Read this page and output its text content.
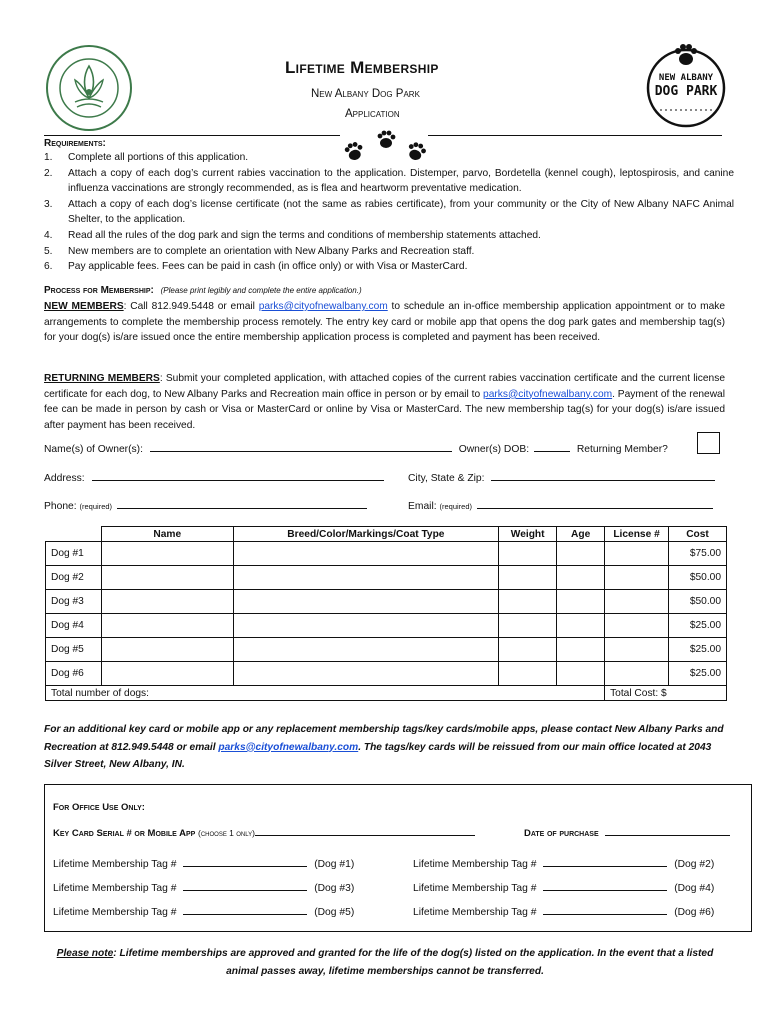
Lifetime Membership
New Albany Dog Park
Application
NEW ALBANY
DOG PARK
Requirements:
1.	Complete all portions of this application.
2.	Attach a copy of each dog’s current rabies vaccination to the application. Distemper, parvo, Bordetella (kennel cough), leptospirosis, and canine influenza vaccinations are strongly recommended, as is flea and heartworm preventative medication.
3.	Attach a copy of each dog’s license certificate (not the same as rabies certificate), from your community or the City of New Albany NAFC Animal Shelter, to the application.
4.	Read all the rules of the dog park and sign the terms and conditions of membership statements attached.
5.	New members are to complete an orientation with New Albany Parks and Recreation staff.
6.	Pay applicable fees. Fees can be paid in cash (in office only) or with Visa or MasterCard.
Process for Membership: (Please print legibly and complete the entire application.)
NEW MEMBERS: Call 812.949.5448 or email parks@cityofnewalbany.com to schedule an in-office membership application appointment or to make arrangements to complete the membership process remotely. The entry key card or mobile app that opens the dog park gates and membership tag(s) for your dog(s) is/are issued once the entire membership application process is completed and payment has been received.
RETURNING MEMBERS: Submit your completed application, with attached copies of the current rabies vaccination certificate and the current license certificate for each dog, to New Albany Parks and Recreation main office in person or by email to parks@cityofnewalbany.com. Payment of the renewal fee can be made in person by cash or Visa or MasterCard or online by Visa or MasterCard. The new membership tag(s) for your dog(s) is/are issued after payment has been received.
Name(s) of Owner(s):	Owner(s) DOB:	Returning Member?
Address:	City, State & Zip:
Phone: (required)	Email: (required)
	Name	Breed/Color/Markings/Coat Type	Weight	Age	License #	Cost
Dog #1						$75.00
Dog #2						$50.00
Dog #3						$50.00
Dog #4						$25.00
Dog #5						$25.00
Dog #6						$25.00
Total number of dogs:					Total Cost: $	
For an additional key card or mobile app or any replacement membership tags/key cards/mobile apps, please contact New Albany Parks and Recreation at 812.949.5448 or email parks@cityofnewalbany.com. The tags/key cards will be reissued from our main office located at 2043 Silver Street, New Albany, IN.
For Office Use Only:
Key Card Serial # or Mobile App (choose 1 only)	Date of purchase
Lifetime Membership Tag #	(Dog #1)	Lifetime Membership Tag #	(Dog #2)
Lifetime Membership Tag #	(Dog #3)	Lifetime Membership Tag #	(Dog #4)
Lifetime Membership Tag #	(Dog #5)	Lifetime Membership Tag #	(Dog #6)
Please note: Lifetime memberships are approved and granted for the life of the dog(s) listed on the application. In the event that a listed animal passes away, lifetime memberships cannot be transferred.
